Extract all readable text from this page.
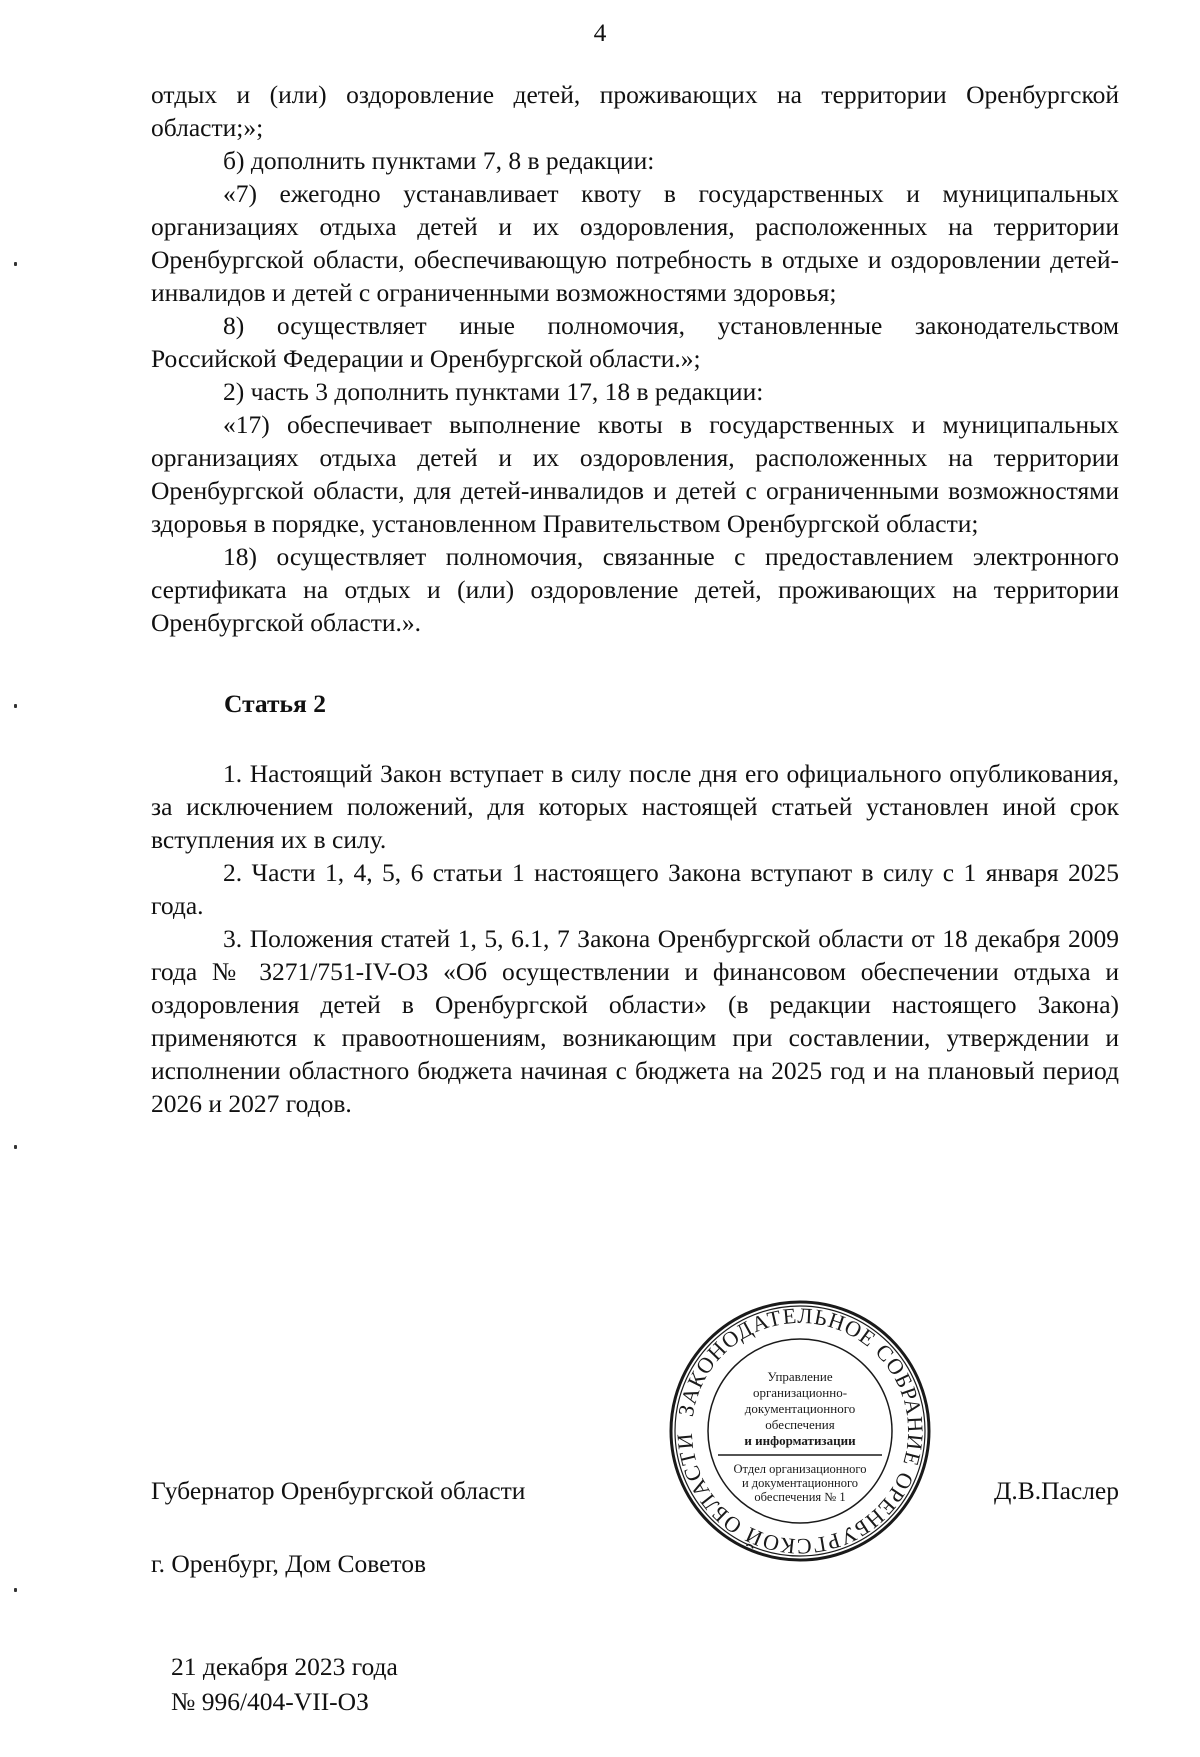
4

отдых и (или) оздоровление детей, проживающих на территории Оренбургской области;»;

б) дополнить пунктами 7, 8 в редакции:

«7) ежегодно устанавливает квоту в государственных и муниципальных организациях отдыха детей и их оздоровления, расположенных на территории Оренбургской области, обеспечивающую потребность в отдыхе и оздоровлении детей-инвалидов и детей с ограниченными возможностями здоровья;

8) осуществляет иные полномочия, установленные законодательством Российской Федерации и Оренбургской области.»;

2) часть 3 дополнить пунктами 17, 18 в редакции:

«17) обеспечивает выполнение квоты в государственных и муниципальных организациях отдыха детей и их оздоровления, расположенных на территории Оренбургской области, для детей-инвалидов и детей с ограниченными возможностями здоровья в порядке, установленном Правительством Оренбургской области;

18) осуществляет полномочия, связанные с предоставлением электронного сертификата на отдых и (или) оздоровление детей, проживающих на территории Оренбургской области.».

Статья 2

1. Настоящий Закон вступает в силу после дня его официального опубликования, за исключением положений, для которых настоящей статьей установлен иной срок вступления их в силу.

2. Части 1, 4, 5, 6 статьи 1 настоящего Закона вступают в силу с 1 января 2025 года.

3. Положения статей 1, 5, 6.1, 7 Закона Оренбургской области от 18 декабря 2009 года № 3271/751-IV-ОЗ «Об осуществлении и финансовом обеспечении отдыха и оздоровления детей в Оренбургской области» (в редакции настоящего Закона) применяются к правоотношениям, возникающим при составлении, утверждении и исполнении областного бюджета начиная с бюджета на 2025 год и на плановый период 2026 и 2027 годов.

ЗАКОНОДАТЕЛЬНОЕ СОБРАНИЕ ОРЕНБУРГСКОЙ ОБЛАСТИ
Управление
организационно-
документационного
обеспечения
и информатизации
Отдел организационного
и документационного
обеспечения № 1
Губернатор Оренбургской области	Д.В.Паслер
г. Оренбург, Дом Советов
21 декабря 2023 года
№ 996/404-VII-ОЗ
